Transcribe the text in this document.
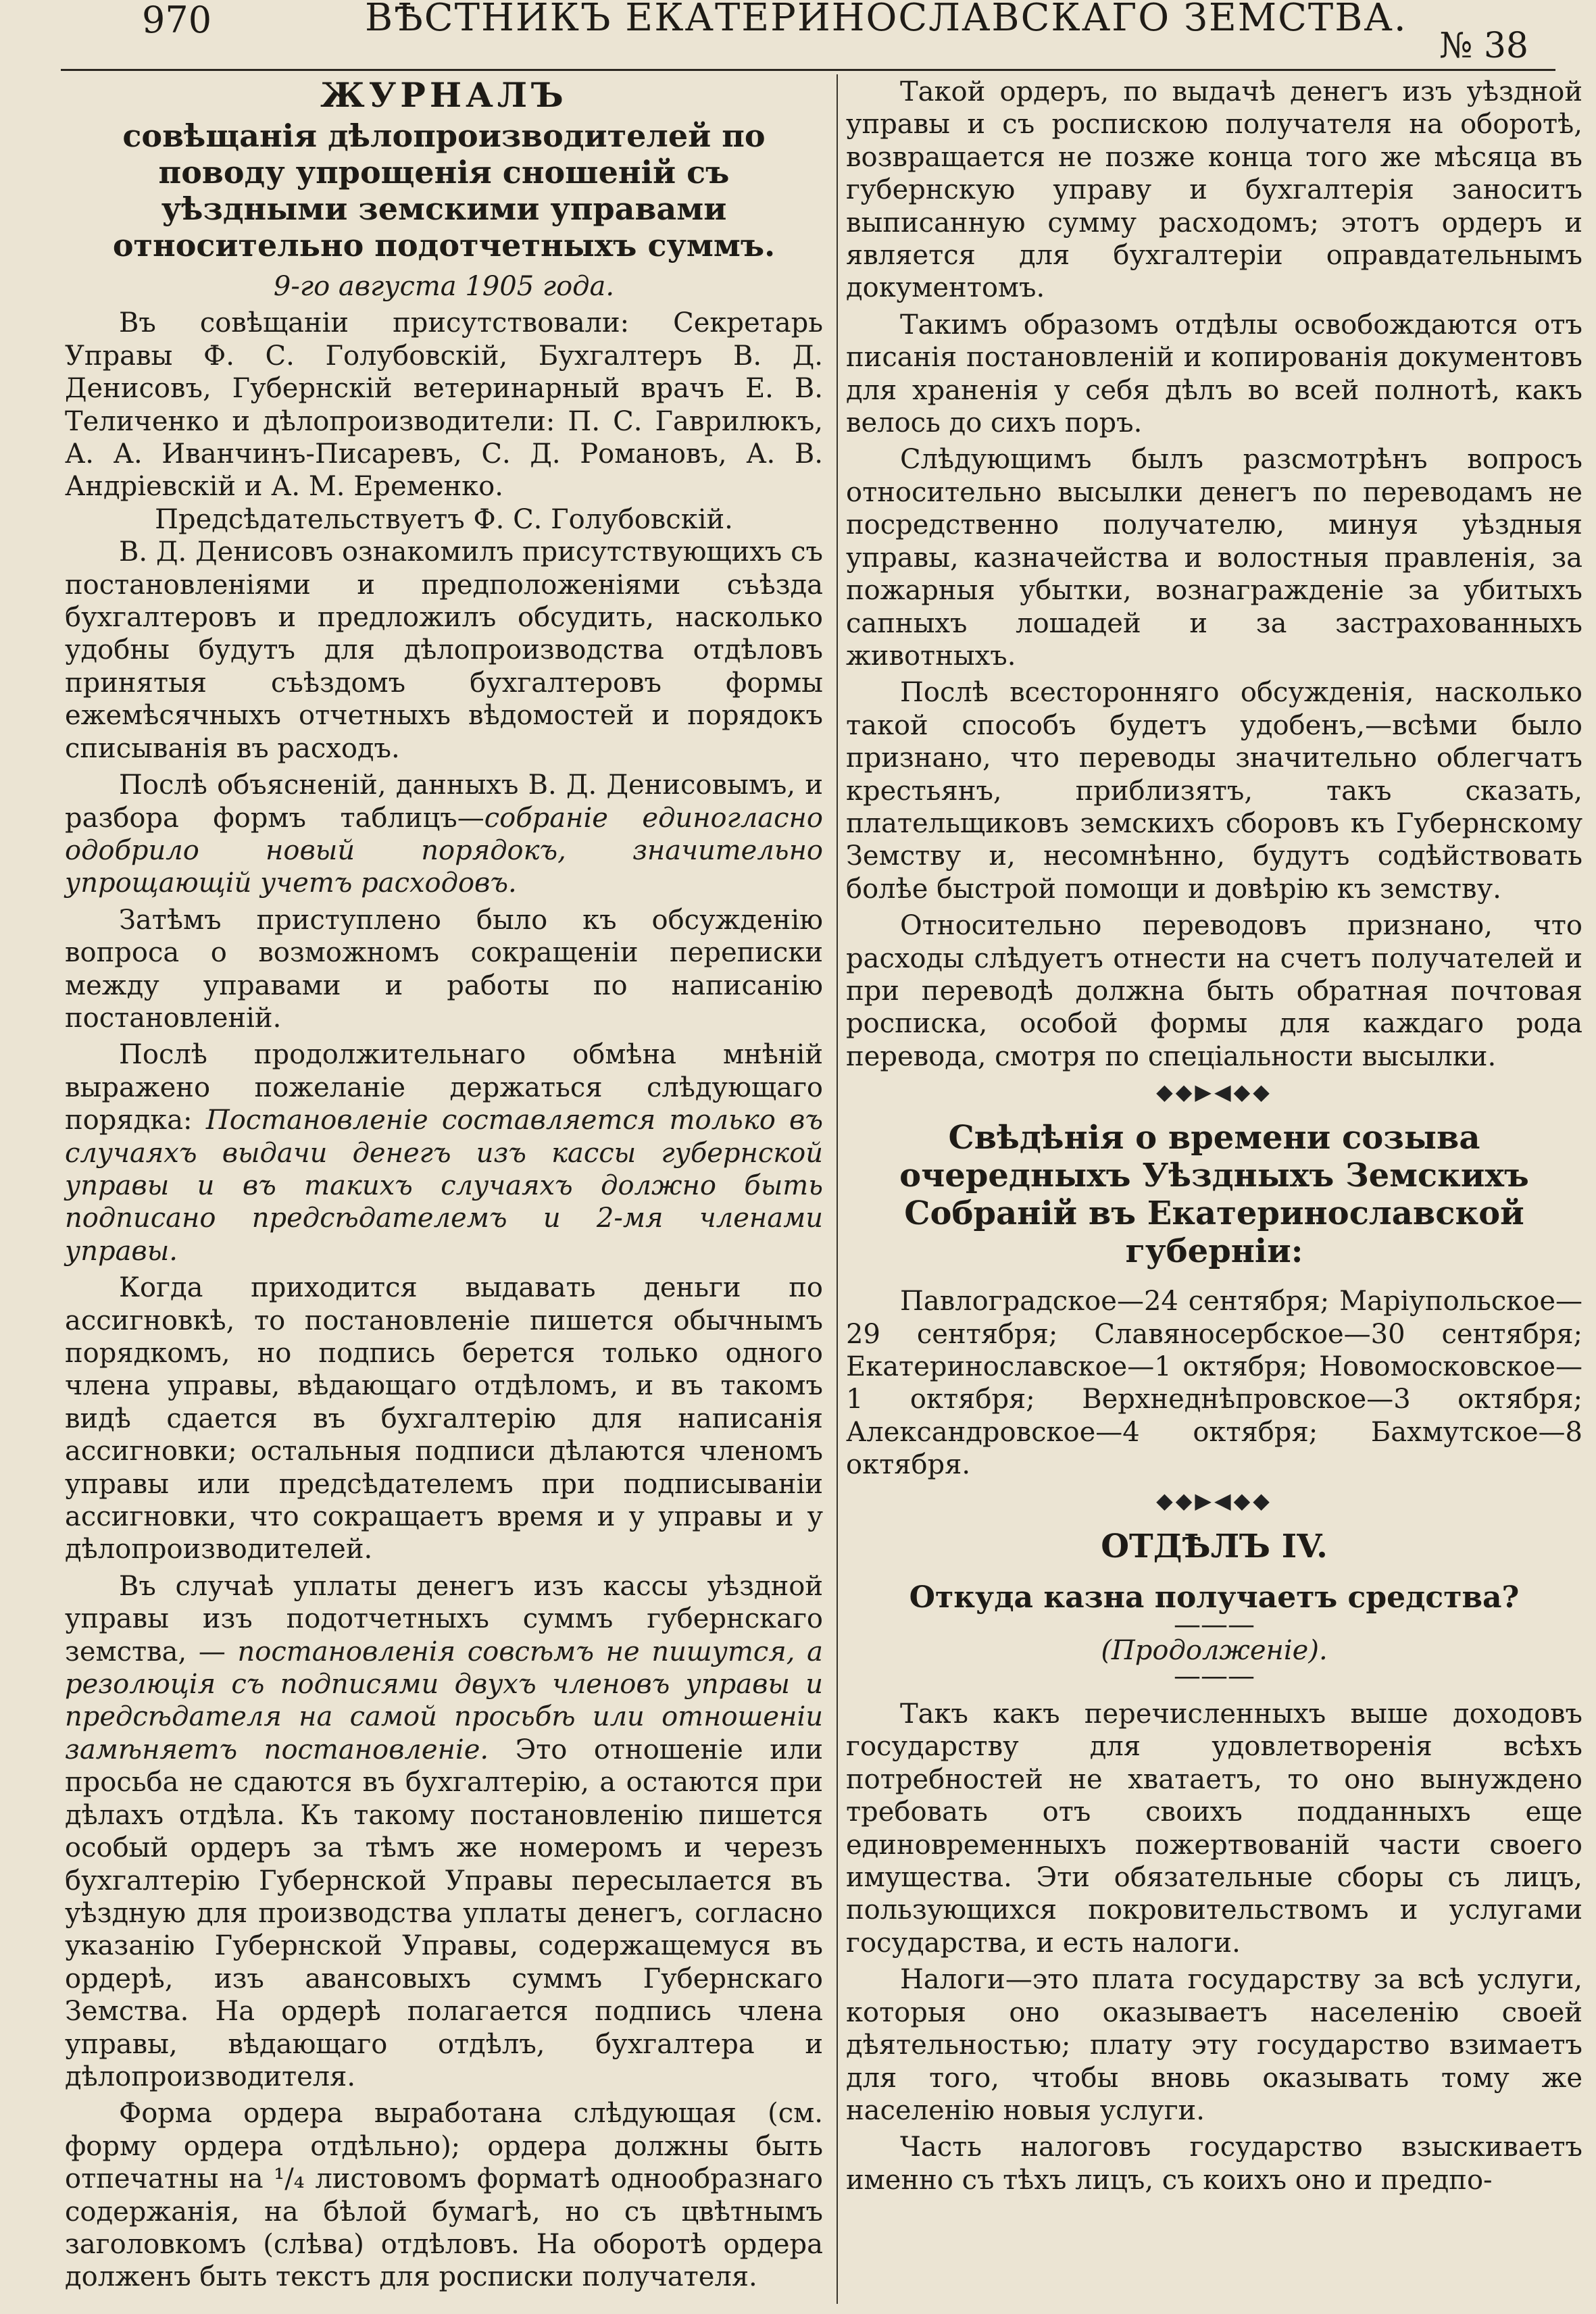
970	ВѢСТНИКЪ ЕКАТЕРИНОСЛАВСКАГО ЗЕМСТВА.
№ 38
ЖУРНАЛЪ
совѣщанія дѣлопроизводителей по поводу упрощенія сношеній съ уѣздными земскими управами относительно подотчетныхъ суммъ.
9-го августа 1905 года.

Въ совѣщаніи присутствовали: Секретарь Управы Ф. С. Голубовскій, Бухгалтеръ В. Д. Денисовъ, Губернскій ветеринарный врачъ Е. В. Теличенко и дѣлопроизводители: П. С. Гаврилюкъ, А. А. Иванчинъ-Писаревъ, С. Д. Романовъ, А. В. Андріевскій и А. М. Еременко.

Предсѣдательствуетъ Ф. С. Голубовскій.

В. Д. Денисовъ ознакомилъ присутствующихъ съ постановленіями и предположеніями съѣзда бухгалтеровъ и предложилъ обсудить, насколько удобны будутъ для дѣлопроизводства отдѣловъ принятыя съѣздомъ бухгалтеровъ формы ежемѣсячныхъ отчетныхъ вѣдомостей и порядокъ списыванія въ расходъ.

Послѣ объясненій, данныхъ В. Д. Денисовымъ, и разбора формъ таблицъ—собраніе единогласно одобрило новый порядокъ, значительно упрощающій учетъ расходовъ.

Затѣмъ приступлено было къ обсужденію вопроса о возможномъ сокращеніи переписки между управами и работы по написанію постановленій.

Послѣ продолжительнаго обмѣна мнѣній выражено пожеланіе держаться слѣдующаго порядка: Постановленіе составляется только въ случаяхъ выдачи денегъ изъ кассы губернской управы и въ такихъ случаяхъ должно быть подписано предсѣдателемъ и 2-мя членами управы.

Когда приходится выдавать деньги по ассигновкѣ, то постановленіе пишется обычнымъ порядкомъ, но подпись берется только одного члена управы, вѣдающаго отдѣломъ, и въ такомъ видѣ сдается въ бухгалтерію для написанія ассигновки; остальныя подписи дѣлаются членомъ управы или предсѣдателемъ при подписываніи ассигновки, что сокращаетъ время и у управы и у дѣлопроизводителей.

Въ случаѣ уплаты денегъ изъ кассы уѣздной управы изъ подотчетныхъ суммъ губернскаго земства, — постановленія совсѣмъ не пишутся, а резолюція съ подписями двухъ членовъ управы и предсѣдателя на самой просьбѣ или отношеніи замѣняетъ постановленіе. Это отношеніе или просьба не сдаются въ бухгалтерію, а остаются при дѣлахъ отдѣла. Къ такому постановленію пишется особый ордеръ за тѣмъ же номеромъ и черезъ бухгалтерію Губернской Управы пересылается въ уѣздную для производства уплаты денегъ, согласно указанію Губернской Управы, содержащемуся въ ордерѣ, изъ авансовыхъ суммъ Губернскаго Земства. На ордерѣ полагается подпись члена управы, вѣдающаго отдѣлъ, бухгалтера и дѣлопроизводителя.

Форма ордера выработана слѣдующая (см. форму ордера отдѣльно); ордера должны быть отпечатны на ¹/₄ листовомъ форматѣ однообразнаго содержанія, на бѣлой бумагѣ, но съ цвѣтнымъ заголовкомъ (слѣва) отдѣловъ. На оборотѣ ордера долженъ быть текстъ для росписки получателя.

Такой ордеръ, по выдачѣ денегъ изъ уѣздной управы и съ роспискою получателя на оборотѣ, возвращается не позже конца того же мѣсяца въ губернскую управу и бухгалтерія заноситъ выписанную сумму расходомъ; этотъ ордеръ и является для бухгалтеріи оправдательнымъ документомъ.

Такимъ образомъ отдѣлы освобождаются отъ писанія постановленій и копированія документовъ для храненія у себя дѣлъ во всей полнотѣ, какъ велось до сихъ поръ.

Слѣдующимъ былъ разсмотрѣнъ вопросъ относительно высылки денегъ по переводамъ не посредственно получателю, минуя уѣздныя управы, казначейства и волостныя правленія, за пожарныя убытки, вознагражденіе за убитыхъ сапныхъ лошадей и за застрахованныхъ животныхъ.

Послѣ всесторонняго обсужденія, насколько такой способъ будетъ удобенъ,—всѣми было признано, что переводы значительно облегчатъ крестьянъ, приблизятъ, такъ сказать, плательщиковъ земскихъ сборовъ къ Губернскому Земству и, несомнѣнно, будутъ содѣйствовать болѣе быстрой помощи и довѣрію къ земству.

Относительно переводовъ признано, что расходы слѣдуетъ отнести на счетъ получателей и при переводѣ должна быть обратная почтовая росписка, особой формы для каждаго рода перевода, смотря по спеціальности высылки.

◆◆▶◀◆◆
Свѣдѣнія о времени созыва очередныхъ Уѣздныхъ Земскихъ Собраній въ Екатеринославской губерніи:

Павлоградское—24 сентября; Маріупольское—29 сентября; Славяносербское—30 сентября; Екатеринославское—1 октября; Новомосковское—1 октября; Верхнеднѣпровское—3 октября; Александровское—4 октября; Бахмутское—8 октября.

◆◆▶◀◆◆
ОТДѢЛЪ IV.
Откуда казна получаетъ средства?
———
(Продолженіе).
———

Такъ какъ перечисленныхъ выше доходовъ государству для удовлетворенія всѣхъ потребностей не хватаетъ, то оно вынуждено требовать отъ своихъ подданныхъ еще единовременныхъ пожертвованій части своего имущества. Эти обязательные сборы съ лицъ, пользующихся покровительствомъ и услугами государства, и есть налоги.

Налоги—это плата государству за всѣ услуги, которыя оно оказываетъ населенію своей дѣятельностью; плату эту государство взимаетъ для того, чтобы вновь оказывать тому же населенію новыя услуги.

Часть налоговъ государство взыскиваетъ именно съ тѣхъ лицъ, съ коихъ оно и предпо-
